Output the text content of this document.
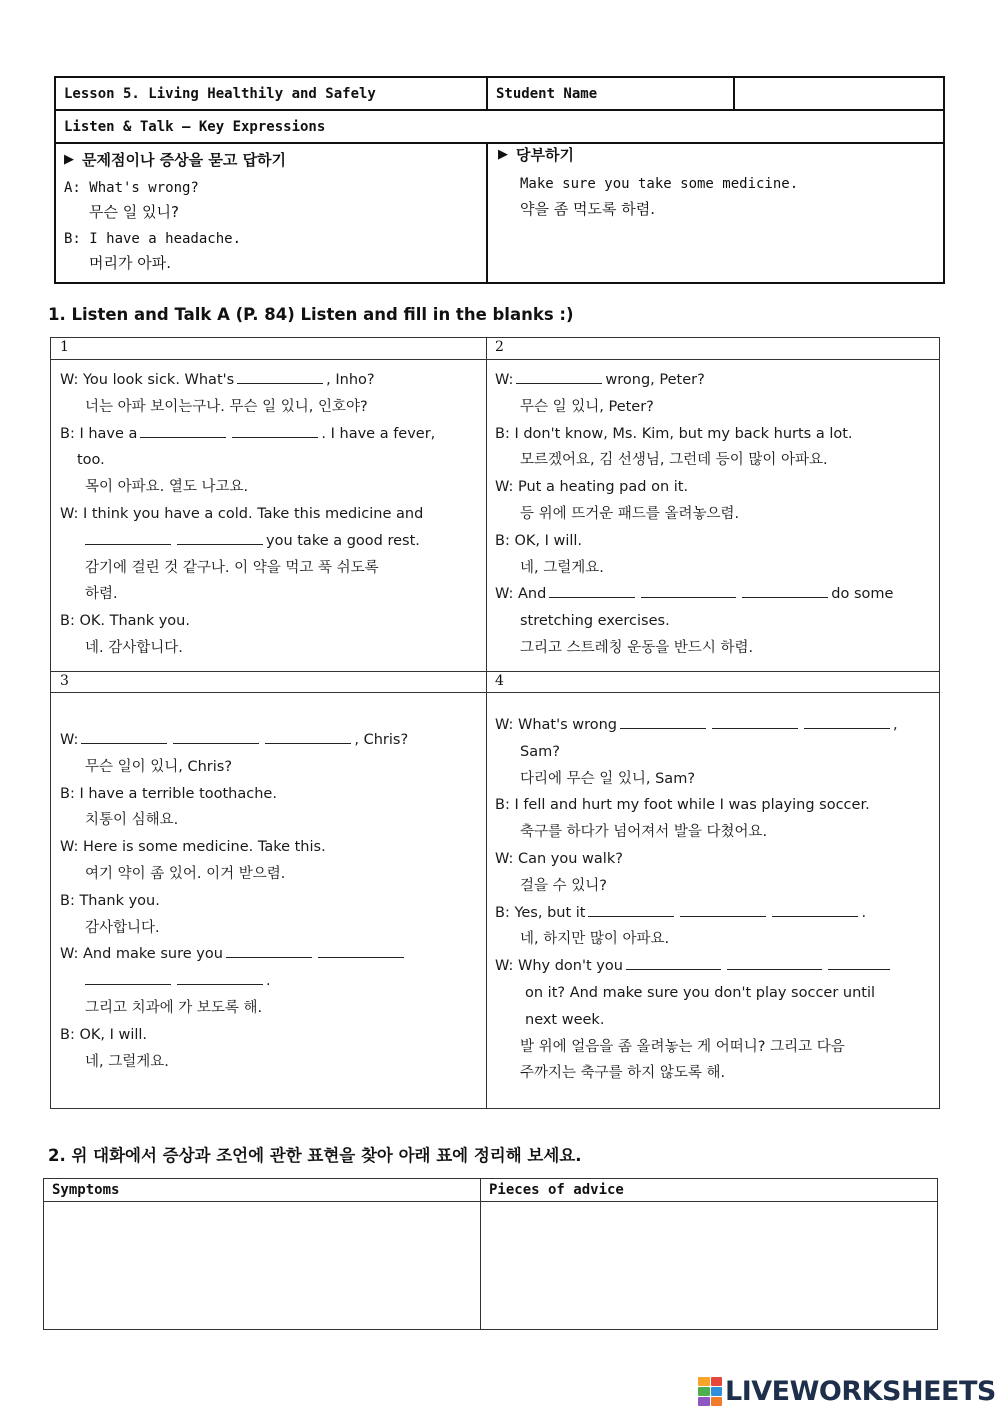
Lesson 5. Living Healthily and Safely	Student Name
Listen & Talk – Key Expressions
▶ 문제점이나 증상을 묻고 답하기
A: What's wrong?
무슨 일 있니?
B: I have a headache.
머리가 아파.
▶ 당부하기
Make sure you take some medicine.
약을 좀 먹도록 하렴.
1. Listen and Talk A (P. 84) Listen and fill in the blanks :)
1	2
3	4
W: You look sick. What's	, Inho?
너는 아파 보이는구나. 무슨 일 있니, 인호야?
B: I have a	. I have a fever,
too.
목이 아파요. 열도 나고요.
W: I think you have a cold. Take this medicine and
you take a good rest.
감기에 걸린 것 같구나. 이 약을 먹고 푹 쉬도록
하렴.
B: OK. Thank you.
네. 감사합니다.
W:	wrong, Peter?
무슨 일 있니, Peter?
B: I don't know, Ms. Kim, but my back hurts a lot.
모르겠어요, 김 선생님, 그런데 등이 많이 아파요.
W: Put a heating pad on it.
등 위에 뜨거운 패드를 올려놓으렴.
B: OK, I will.
네, 그럴게요.
W: And	do some
stretching exercises.
그리고 스트레칭 운동을 반드시 하렴.
W:	, Chris?
무슨 일이 있니, Chris?
B: I have a terrible toothache.
치통이 심해요.
W: Here is some medicine. Take this.
여기 약이 좀 있어. 이거 받으렴.
B: Thank you.
감사합니다.
W: And make sure you
.
그리고 치과에 가 보도록 해.
B: OK, I will.
네, 그럴게요.
W: What's wrong	,
Sam?
다리에 무슨 일 있니, Sam?
B: I fell and hurt my foot while I was playing soccer.
축구를 하다가 넘어져서 발을 다쳤어요.
W: Can you walk?
걸을 수 있니?
B: Yes, but it	.
네, 하지만 많이 아파요.
W: Why don't you
on it? And make sure you don't play soccer until
next week.
발 위에 얼음을 좀 올려놓는 게 어떠니? 그리고 다음
주까지는 축구를 하지 않도록 해.
2. 위 대화에서 증상과 조언에 관한 표현을 찾아 아래 표에 정리해 보세요.
Symptoms	Pieces of advice
LIVEWORKSHEETS
